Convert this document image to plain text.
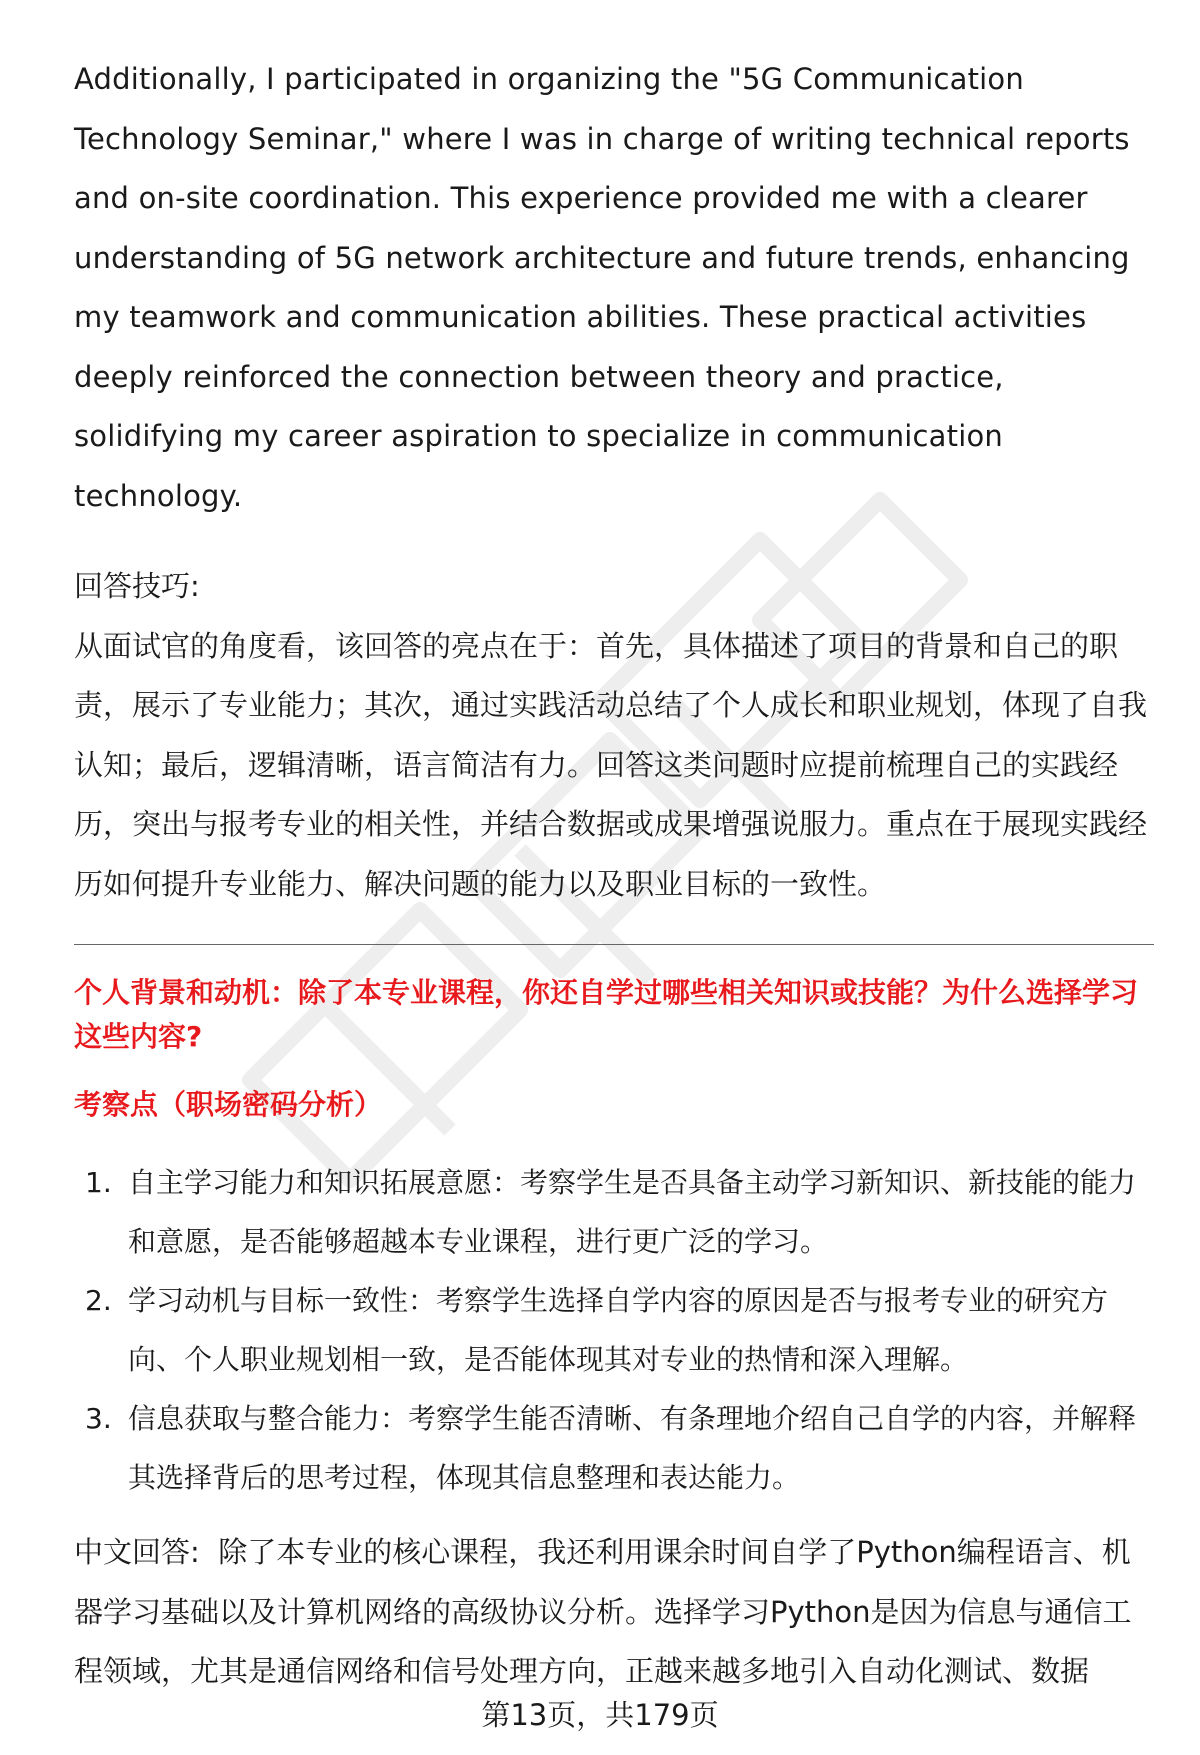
Additionally, I participated in organizing the "5G Communication Technology Seminar," where I was in charge of writing technical reports and on-site coordination. This experience provided me with a clearer understanding of 5G network architecture and future trends, enhancing my teamwork and communication abilities. These practical activities deeply reinforced the connection between theory and practice, solidifying my career aspiration to specialize in communication technology.

回答技巧:

从面试官的角度看，该回答的亮点在于：首先，具体描述了项目的背景和自己的职责，展示了专业能力；其次，通过实践活动总结了个人成长和职业规划，体现了自我认知；最后，逻辑清晰，语言简洁有力。回答这类问题时应提前梳理自己的实践经历，突出与报考专业的相关性，并结合数据或成果增强说服力。重点在于展现实践经历如何提升专业能力、解决问题的能力以及职业目标的一致性。

个人背景和动机：除了本专业课程，你还自学过哪些相关知识或技能？为什么选择学习这些内容?

考察点（职场密码分析）

1. 自主学习能力和知识拓展意愿：考察学生是否具备主动学习新知识、新技能的能力和意愿，是否能够超越本专业课程，进行更广泛的学习。
2. 学习动机与目标一致性：考察学生选择自学内容的原因是否与报考专业的研究方向、个人职业规划相一致，是否能体现其对专业的热情和深入理解。
3. 信息获取与整合能力：考察学生能否清晰、有条理地介绍自己自学的内容，并解释其选择背后的思考过程，体现其信息整理和表达能力。

中文回答: 除了本专业的核心课程，我还利用课余时间自学了Python编程语言、机器学习基础以及计算机网络的高级协议分析。选择学习Python是因为信息与通信工程领域，尤其是通信网络和信号处理方向，正越来越多地引入自动化测试、数据

第13页，共179页
